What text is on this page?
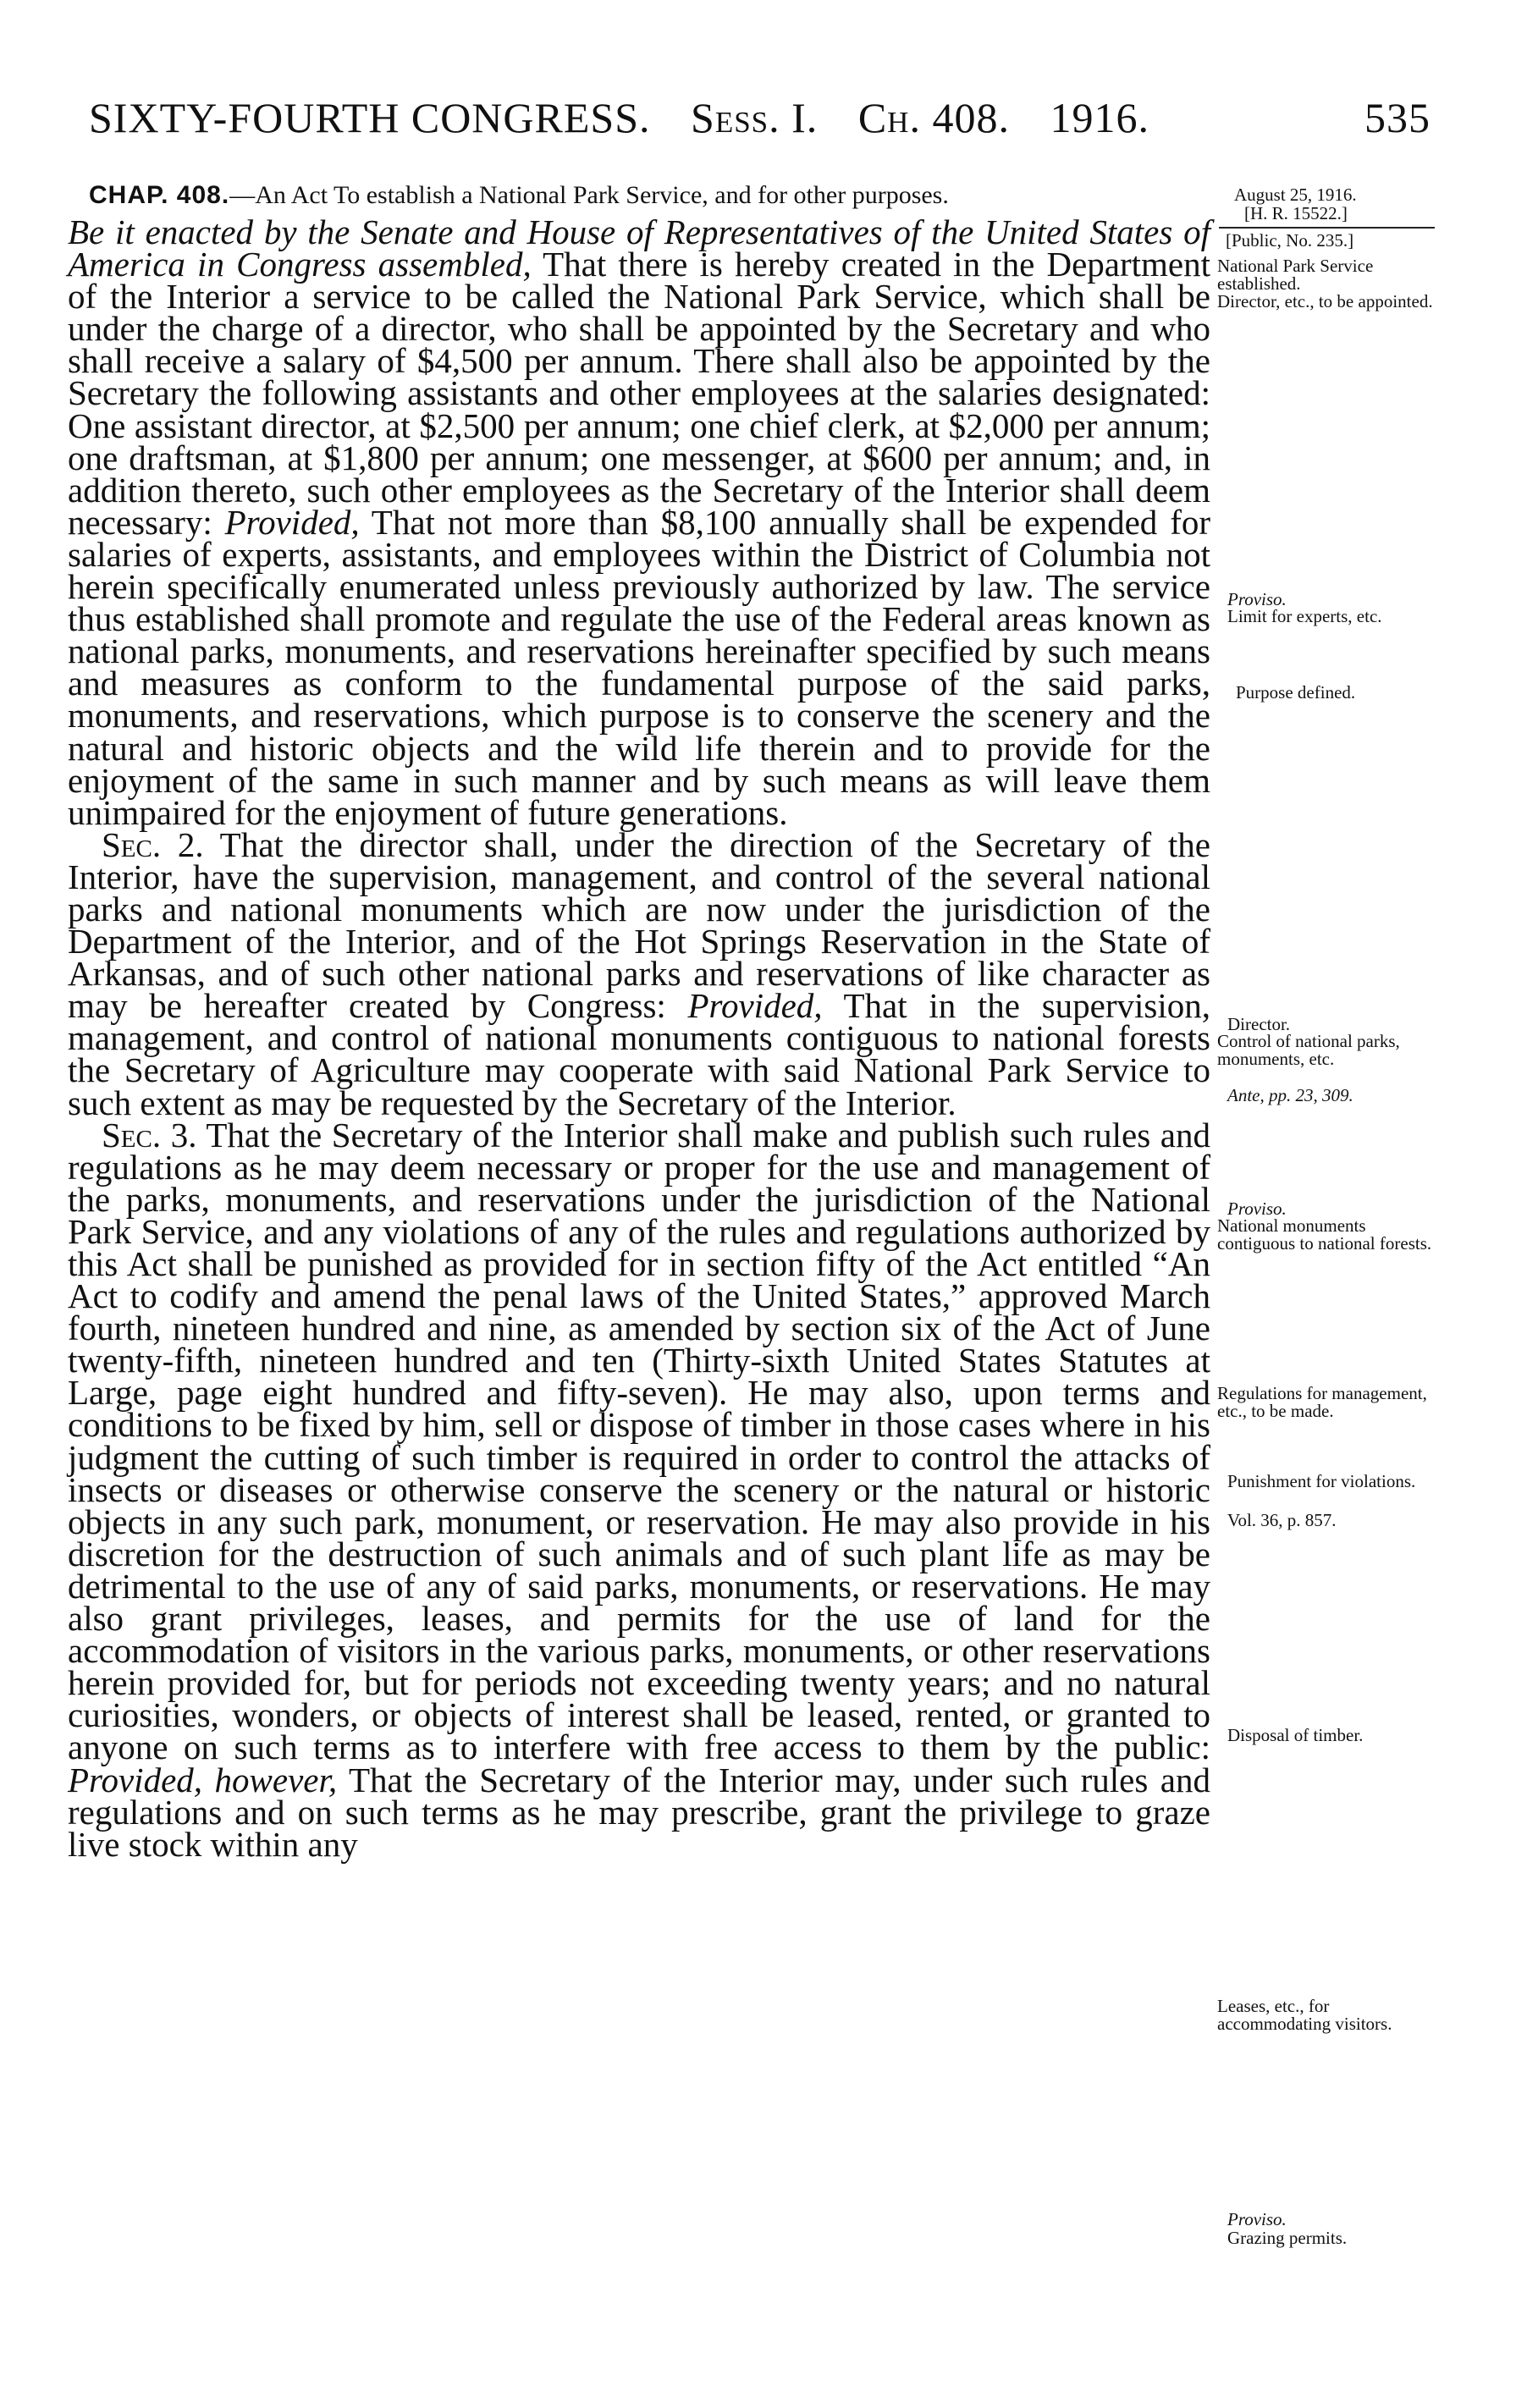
SIXTY-FOURTH CONGRESS. Sess. I. Ch. 408. 1916.	535
CHAP. 408.—An Act To establish a National Park Service, and for other purposes.

Be it enacted by the Senate and House of Representatives of the United States of America in Congress assembled, That there is hereby created in the Department of the Interior a service to be called the National Park Service, which shall be under the charge of a director, who shall be appointed by the Secretary and who shall receive a salary of $4,500 per annum. There shall also be appointed by the Secretary the following assistants and other employees at the salaries designated: One assistant director, at $2,500 per annum; one chief clerk, at $2,000 per annum; one draftsman, at $1,800 per annum; one messenger, at $600 per annum; and, in addition thereto, such other employees as the Secretary of the Interior shall deem necessary: Provided, That not more than $8,100 annually shall be expended for salaries of experts, assistants, and employees within the District of Columbia not herein specifically enumerated unless previously authorized by law. The service thus established shall promote and regulate the use of the Federal areas known as national parks, monuments, and reservations hereinafter specified by such means and measures as conform to the fundamental purpose of the said parks, monuments, and reservations, which purpose is to conserve the scenery and the natural and historic objects and the wild life therein and to provide for the enjoyment of the same in such manner and by such means as will leave them unimpaired for the enjoyment of future generations.

Sec. 2. That the director shall, under the direction of the Secretary of the Interior, have the supervision, management, and control of the several national parks and national monuments which are now under the jurisdiction of the Department of the Interior, and of the Hot Springs Reservation in the State of Arkansas, and of such other national parks and reservations of like character as may be hereafter created by Congress: Provided, That in the supervision, management, and control of national monuments contiguous to national forests the Secretary of Agriculture may cooperate with said National Park Service to such extent as may be requested by the Secretary of the Interior.

Sec. 3. That the Secretary of the Interior shall make and publish such rules and regulations as he may deem necessary or proper for the use and management of the parks, monuments, and reservations under the jurisdiction of the National Park Service, and any violations of any of the rules and regulations authorized by this Act shall be punished as provided for in section fifty of the Act entitled “An Act to codify and amend the penal laws of the United States,” approved March fourth, nineteen hundred and nine, as amended by section six of the Act of June twenty-fifth, nineteen hundred and ten (Thirty-sixth United States Statutes at Large, page eight hundred and fifty-seven). He may also, upon terms and conditions to be fixed by him, sell or dispose of timber in those cases where in his judgment the cutting of such timber is required in order to control the attacks of insects or diseases or otherwise conserve the scenery or the natural or historic objects in any such park, monument, or reservation. He may also provide in his discretion for the destruction of such animals and of such plant life as may be detrimental to the use of any of said parks, monuments, or reservations. He may also grant privileges, leases, and permits for the use of land for the accommodation of visitors in the various parks, monuments, or other reservations herein provided for, but for periods not exceeding twenty years; and no natural curiosities, wonders, or objects of interest shall be leased, rented, or granted to anyone on such terms as to interfere with free access to them by the public: Provided, however, That the Secretary of the Interior may, under such rules and regulations and on such terms as he may prescribe, grant the privilege to graze live stock within any

August 25, 1916.
[H. R. 15522.]
[Public, No. 235.]
National Park Service established.
Director, etc., to be appointed.
Proviso.
Limit for experts, etc.
Purpose defined.
Director.
Control of national parks, monuments, etc.
Ante, pp. 23, 309.
Proviso.
National monuments contiguous to national forests.
Regulations for management, etc., to be made.
Punishment for violations.
Vol. 36, p. 857.
Disposal of timber.
Leases, etc., for accommodating visitors.
Proviso.
Grazing permits.
